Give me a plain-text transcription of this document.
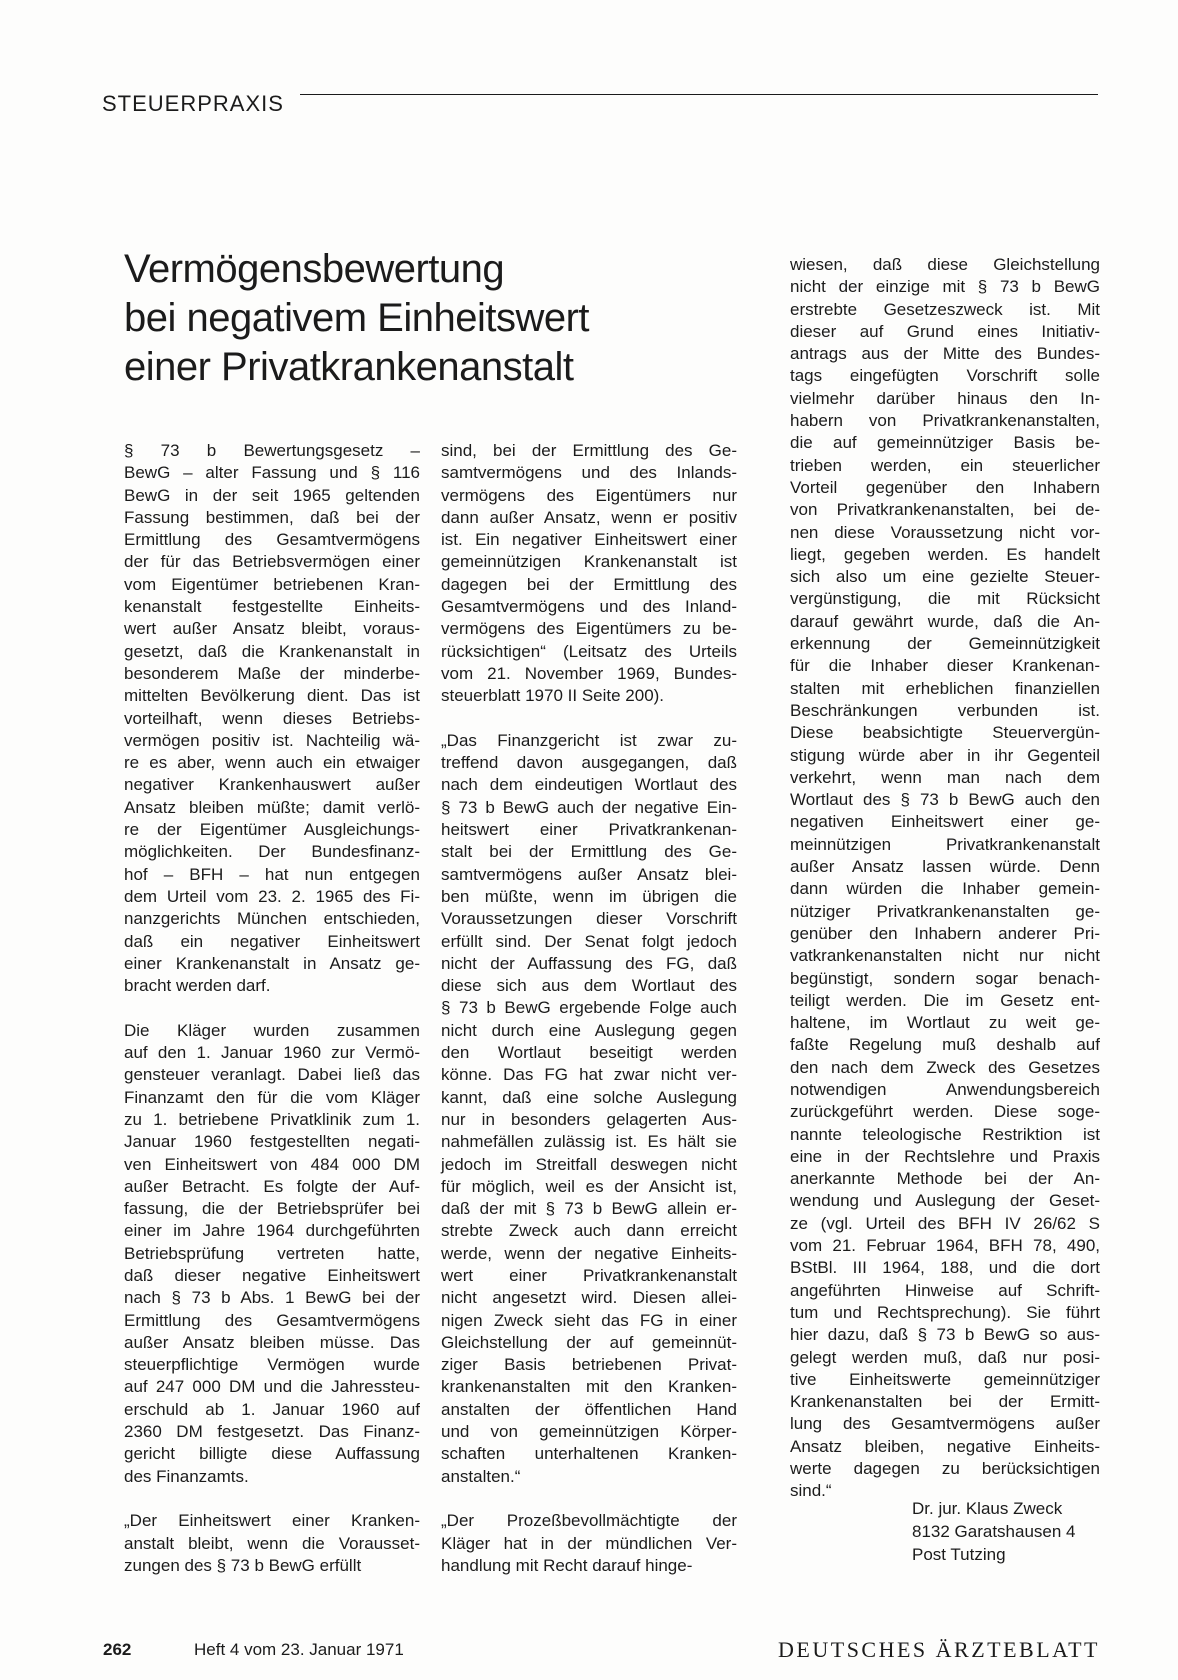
STEUERPRAXIS
Vermögensbewertung
bei negativem Einheitswert
einer Privatkrankenanstalt

§ 73 b Bewertungsgesetz –
BewG – alter Fassung und § 116
BewG in der seit 1965 geltenden
Fassung bestimmen, daß bei der
Ermittlung des Gesamtvermögens
der für das Betriebsvermögen einer
vom Eigentümer betriebenen Kran-
kenanstalt festgestellte Einheits-
wert außer Ansatz bleibt, voraus-
gesetzt, daß die Krankenanstalt in
besonderem Maße der minderbe-
mittelten Bevölkerung dient. Das ist
vorteilhaft, wenn dieses Betriebs-
vermögen positiv ist. Nachteilig wä-
re es aber, wenn auch ein etwaiger
negativer Krankenhauswert außer
Ansatz bleiben müßte; damit verlö-
re der Eigentümer Ausgleichungs-
möglichkeiten. Der Bundesfinanz-
hof – BFH – hat nun entgegen
dem Urteil vom 23. 2. 1965 des Fi-
nanzgerichts München entschieden,
daß ein negativer Einheitswert
einer Krankenanstalt in Ansatz ge-
bracht werden darf.

Die Kläger wurden zusammen
auf den 1. Januar 1960 zur Vermö-
gensteuer veranlagt. Dabei ließ das
Finanzamt den für die vom Kläger
zu 1. betriebene Privatklinik zum 1.
Januar 1960 festgestellten negati-
ven Einheitswert von 484 000 DM
außer Betracht. Es folgte der Auf-
fassung, die der Betriebsprüfer bei
einer im Jahre 1964 durchgeführten
Betriebsprüfung vertreten hatte,
daß dieser negative Einheitswert
nach § 73 b Abs. 1 BewG bei der
Ermittlung des Gesamtvermögens
außer Ansatz bleiben müsse. Das
steuerpflichtige Vermögen wurde
auf 247 000 DM und die Jahressteu-
erschuld ab 1. Januar 1960 auf
2360 DM festgesetzt. Das Finanz-
gericht billigte diese Auffassung
des Finanzamts.

„Der Einheitswert einer Kranken-
anstalt bleibt, wenn die Vorausset-
zungen des § 73 b BewG erfüllt

sind, bei der Ermittlung des Ge-
samtvermögens und des Inlands-
vermögens des Eigentümers nur
dann außer Ansatz, wenn er positiv
ist. Ein negativer Einheitswert einer
gemeinnützigen Krankenanstalt ist
dagegen bei der Ermittlung des
Gesamtvermögens und des Inland-
vermögens des Eigentümers zu be-
rücksichtigen“ (Leitsatz des Urteils
vom 21. November 1969, Bundes-
steuerblatt 1970 II Seite 200).

„Das Finanzgericht ist zwar zu-
treffend davon ausgegangen, daß
nach dem eindeutigen Wortlaut des
§ 73 b BewG auch der negative Ein-
heitswert einer Privatkrankenan-
stalt bei der Ermittlung des Ge-
samtvermögens außer Ansatz blei-
ben müßte, wenn im übrigen die
Voraussetzungen dieser Vorschrift
erfüllt sind. Der Senat folgt jedoch
nicht der Auffassung des FG, daß
diese sich aus dem Wortlaut des
§ 73 b BewG ergebende Folge auch
nicht durch eine Auslegung gegen
den Wortlaut beseitigt werden
könne. Das FG hat zwar nicht ver-
kannt, daß eine solche Auslegung
nur in besonders gelagerten Aus-
nahmefällen zulässig ist. Es hält sie
jedoch im Streitfall deswegen nicht
für möglich, weil es der Ansicht ist,
daß der mit § 73 b BewG allein er-
strebte Zweck auch dann erreicht
werde, wenn der negative Einheits-
wert einer Privatkrankenanstalt
nicht angesetzt wird. Diesen allei-
nigen Zweck sieht das FG in einer
Gleichstellung der auf gemeinnüt-
ziger Basis betriebenen Privat-
krankenanstalten mit den Kranken-
anstalten der öffentlichen Hand
und von gemeinnützigen Körper-
schaften unterhaltenen Kranken-
anstalten.“

„Der Prozeßbevollmächtigte der
Kläger hat in der mündlichen Ver-
handlung mit Recht darauf hinge-

wiesen, daß diese Gleichstellung
nicht der einzige mit § 73 b BewG
erstrebte Gesetzeszweck ist. Mit
dieser auf Grund eines Initiativ-
antrags aus der Mitte des Bundes-
tags eingefügten Vorschrift solle
vielmehr darüber hinaus den In-
habern von Privatkrankenanstalten,
die auf gemeinnütziger Basis be-
trieben werden, ein steuerlicher
Vorteil gegenüber den Inhabern
von Privatkrankenanstalten, bei de-
nen diese Voraussetzung nicht vor-
liegt, gegeben werden. Es handelt
sich also um eine gezielte Steuer-
vergünstigung, die mit Rücksicht
darauf gewährt wurde, daß die An-
erkennung der Gemeinnützigkeit
für die Inhaber dieser Krankenan-
stalten mit erheblichen finanziellen
Beschränkungen verbunden ist.
Diese beabsichtigte Steuervergün-
stigung würde aber in ihr Gegenteil
verkehrt, wenn man nach dem
Wortlaut des § 73 b BewG auch den
negativen Einheitswert einer ge-
meinnützigen Privatkrankenanstalt
außer Ansatz lassen würde. Denn
dann würden die Inhaber gemein-
nütziger Privatkrankenanstalten ge-
genüber den Inhabern anderer Pri-
vatkrankenanstalten nicht nur nicht
begünstigt, sondern sogar benach-
teiligt werden. Die im Gesetz ent-
haltene, im Wortlaut zu weit ge-
faßte Regelung muß deshalb auf
den nach dem Zweck des Gesetzes
notwendigen Anwendungsbereich
zurückgeführt werden. Diese soge-
nannte teleologische Restriktion ist
eine in der Rechtslehre und Praxis
anerkannte Methode bei der An-
wendung und Auslegung der Geset-
ze (vgl. Urteil des BFH IV 26/62 S
vom 21. Februar 1964, BFH 78, 490,
BStBl. III 1964, 188, und die dort
angeführten Hinweise auf Schrift-
tum und Rechtsprechung). Sie führt
hier dazu, daß § 73 b BewG so aus-
gelegt werden muß, daß nur posi-
tive Einheitswerte gemeinnütziger
Krankenanstalten bei der Ermitt-
lung des Gesamtvermögens außer
Ansatz bleiben, negative Einheits-
werte dagegen zu berücksichtigen
sind.“

Dr. jur. Klaus Zweck
8132 Garatshausen 4
Post Tutzing
262	Heft 4 vom 23. Januar 1971	DEUTSCHES ÄRZTEBLATT
